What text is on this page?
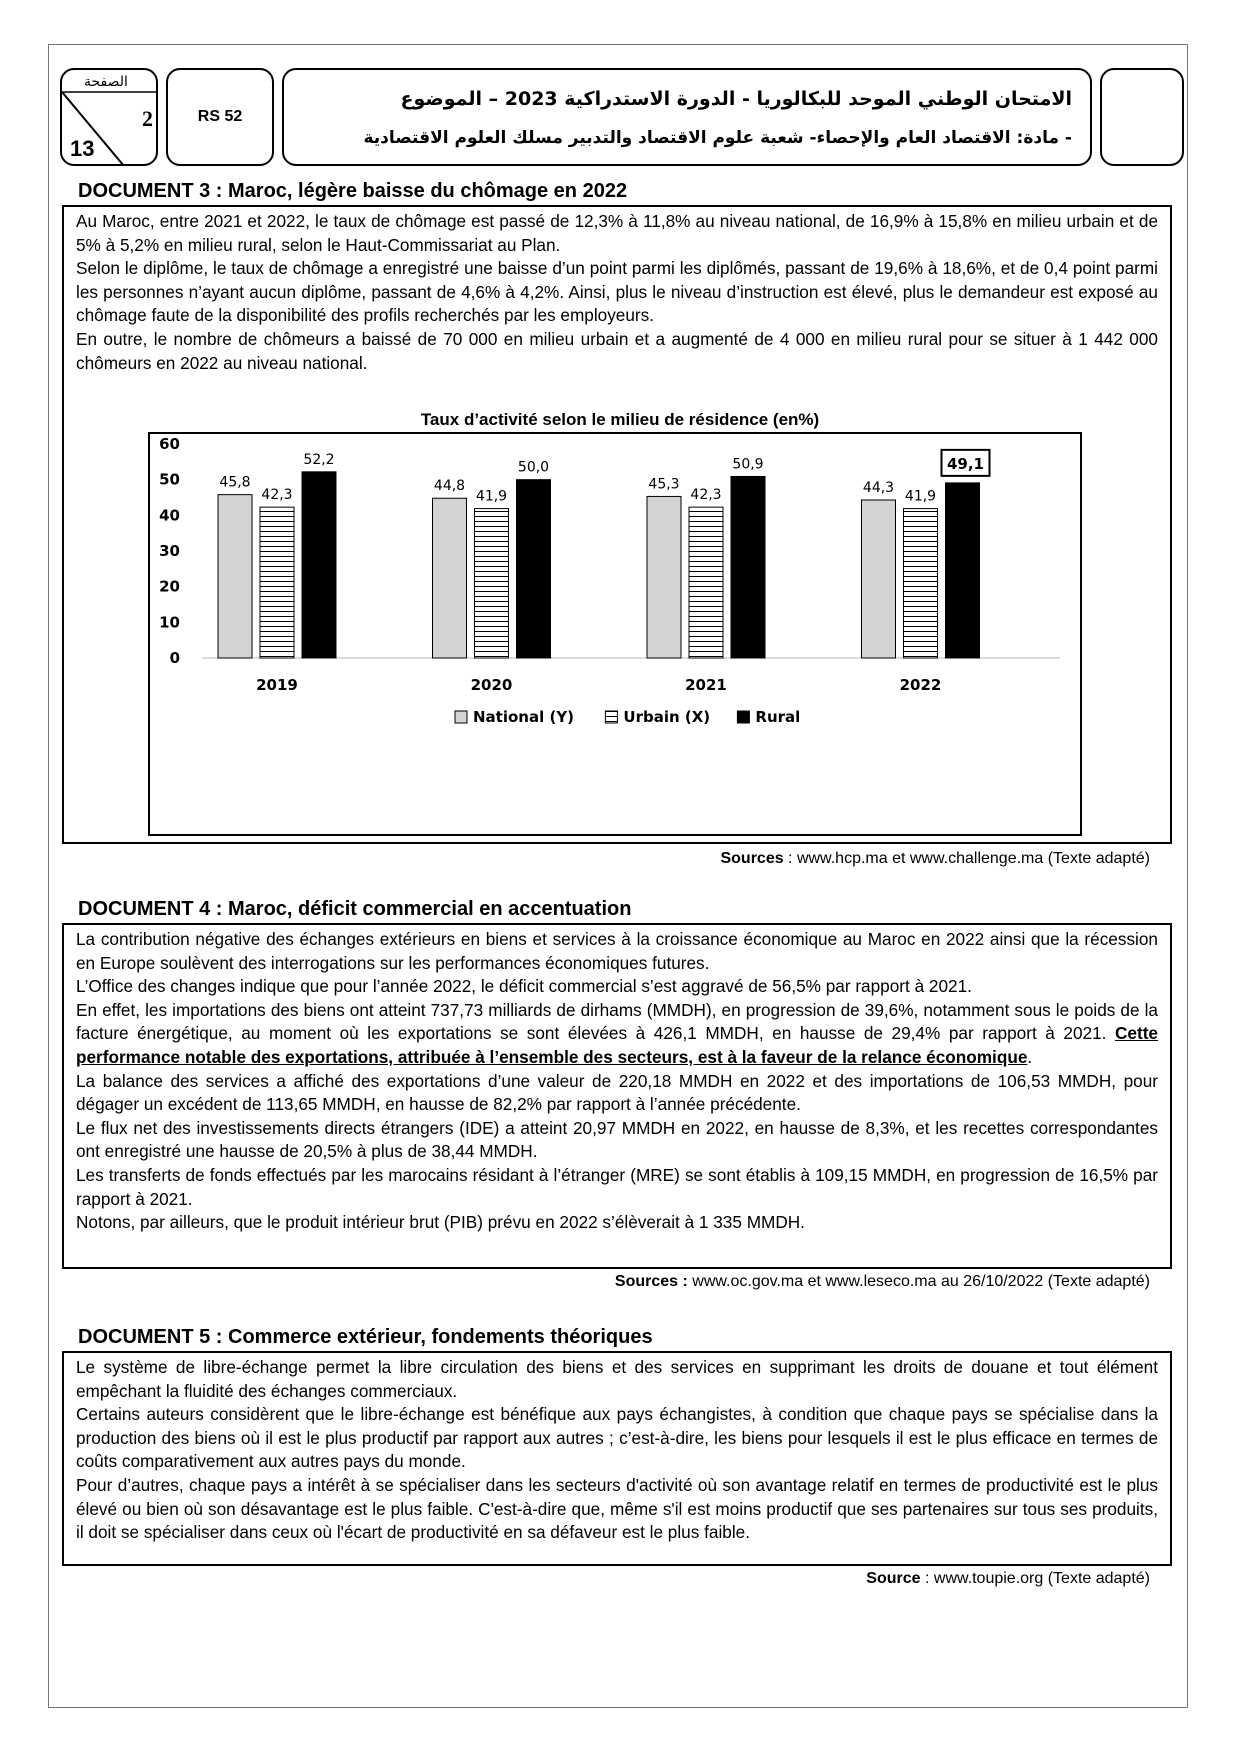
الصفحة
2
13
RS 52
الامتحان الوطني الموحد للبكالوريا - الدورة الاستدراكية 2023 – الموضوع
- مادة: الاقتصاد العام والإحصاء- شعبة علوم الاقتصاد والتدبير مسلك العلوم الاقتصادية
DOCUMENT 3 : Maroc, légère baisse du chômage en 2022

Au Maroc, entre 2021 et 2022, le taux de chômage est passé de 12,3% à 11,8% au niveau national, de 16,9% à 15,8% en milieu urbain et de 5% à 5,2% en milieu rural, selon le Haut-Commissariat au Plan.

Selon le diplôme, le taux de chômage a enregistré une baisse d’un point parmi les diplômés, passant de 19,6% à 18,6%, et de 0,4 point parmi les personnes n’ayant aucun diplôme, passant de 4,6% à 4,2%. Ainsi, plus le niveau d’instruction est élevé, plus le demandeur est exposé au chômage faute de la disponibilité des profils recherchés par les employeurs.

En outre, le nombre de chômeurs a baissé de 70 000 en milieu urbain et a augmenté de 4 000 en milieu rural pour se situer à 1 442 000 chômeurs en 2022 au niveau national.

Taux d’activité selon le milieu de résidence (en%)
0
10
20
30
40
50
60
45,8
42,3
52,2
2019
44,8
41,9
50,0
2020
45,3
42,3
50,9
2021
44,3
41,9
49,1
2022
National (Y)	Urbain (X)	Rural
Sources : www.hcp.ma et www.challenge.ma (Texte adapté)
DOCUMENT 4 : Maroc, déficit commercial en accentuation

La contribution négative des échanges extérieurs en biens et services à la croissance économique au Maroc en 2022 ainsi que la récession en Europe soulèvent des interrogations sur les performances économiques futures.

L’Office des changes indique que pour l’année 2022, le déficit commercial s’est aggravé de 56,5% par rapport à 2021.

En effet, les importations des biens ont atteint 737,73 milliards de dirhams (MMDH), en progression de 39,6%, notamment sous le poids de la facture énergétique, au moment où les exportations se sont élevées à 426,1 MMDH, en hausse de 29,4% par rapport à 2021. Cette performance notable des exportations, attribuée à l’ensemble des secteurs, est à la faveur de la relance économique.

La balance des services a affiché des exportations d’une valeur de 220,18 MMDH en 2022 et des importations de 106,53 MMDH, pour dégager un excédent de 113,65 MMDH, en hausse de 82,2% par rapport à l’année précédente.

Le flux net des investissements directs étrangers (IDE) a atteint 20,97 MMDH en 2022, en hausse de 8,3%, et les recettes correspondantes ont enregistré une hausse de 20,5% à plus de 38,44 MMDH.

Les transferts de fonds effectués par les marocains résidant à l’étranger (MRE) se sont établis à 109,15 MMDH, en progression de 16,5% par rapport à 2021.

Notons, par ailleurs, que le produit intérieur brut (PIB) prévu en 2022 s’élèverait à 1 335 MMDH.

Sources : www.oc.gov.ma et www.leseco.ma au 26/10/2022 (Texte adapté)
DOCUMENT 5 : Commerce extérieur, fondements théoriques

Le système de libre-échange permet la libre circulation des biens et des services en supprimant les droits de douane et tout élément empêchant la fluidité des échanges commerciaux.

Certains auteurs considèrent que le libre-échange est bénéfique aux pays échangistes, à condition que chaque pays se spécialise dans la production des biens où il est le plus productif par rapport aux autres ; c’est-à-dire, les biens pour lesquels il est le plus efficace en termes de coûts comparativement aux autres pays du monde.

Pour d’autres, chaque pays a intérêt à se spécialiser dans les secteurs d'activité où son avantage relatif en termes de productivité est le plus élevé ou bien où son désavantage est le plus faible. C'est-à-dire que, même s'il est moins productif que ses partenaires sur tous ses produits, il doit se spécialiser dans ceux où l'écart de productivité en sa défaveur est le plus faible.

Source : www.toupie.org (Texte adapté)
